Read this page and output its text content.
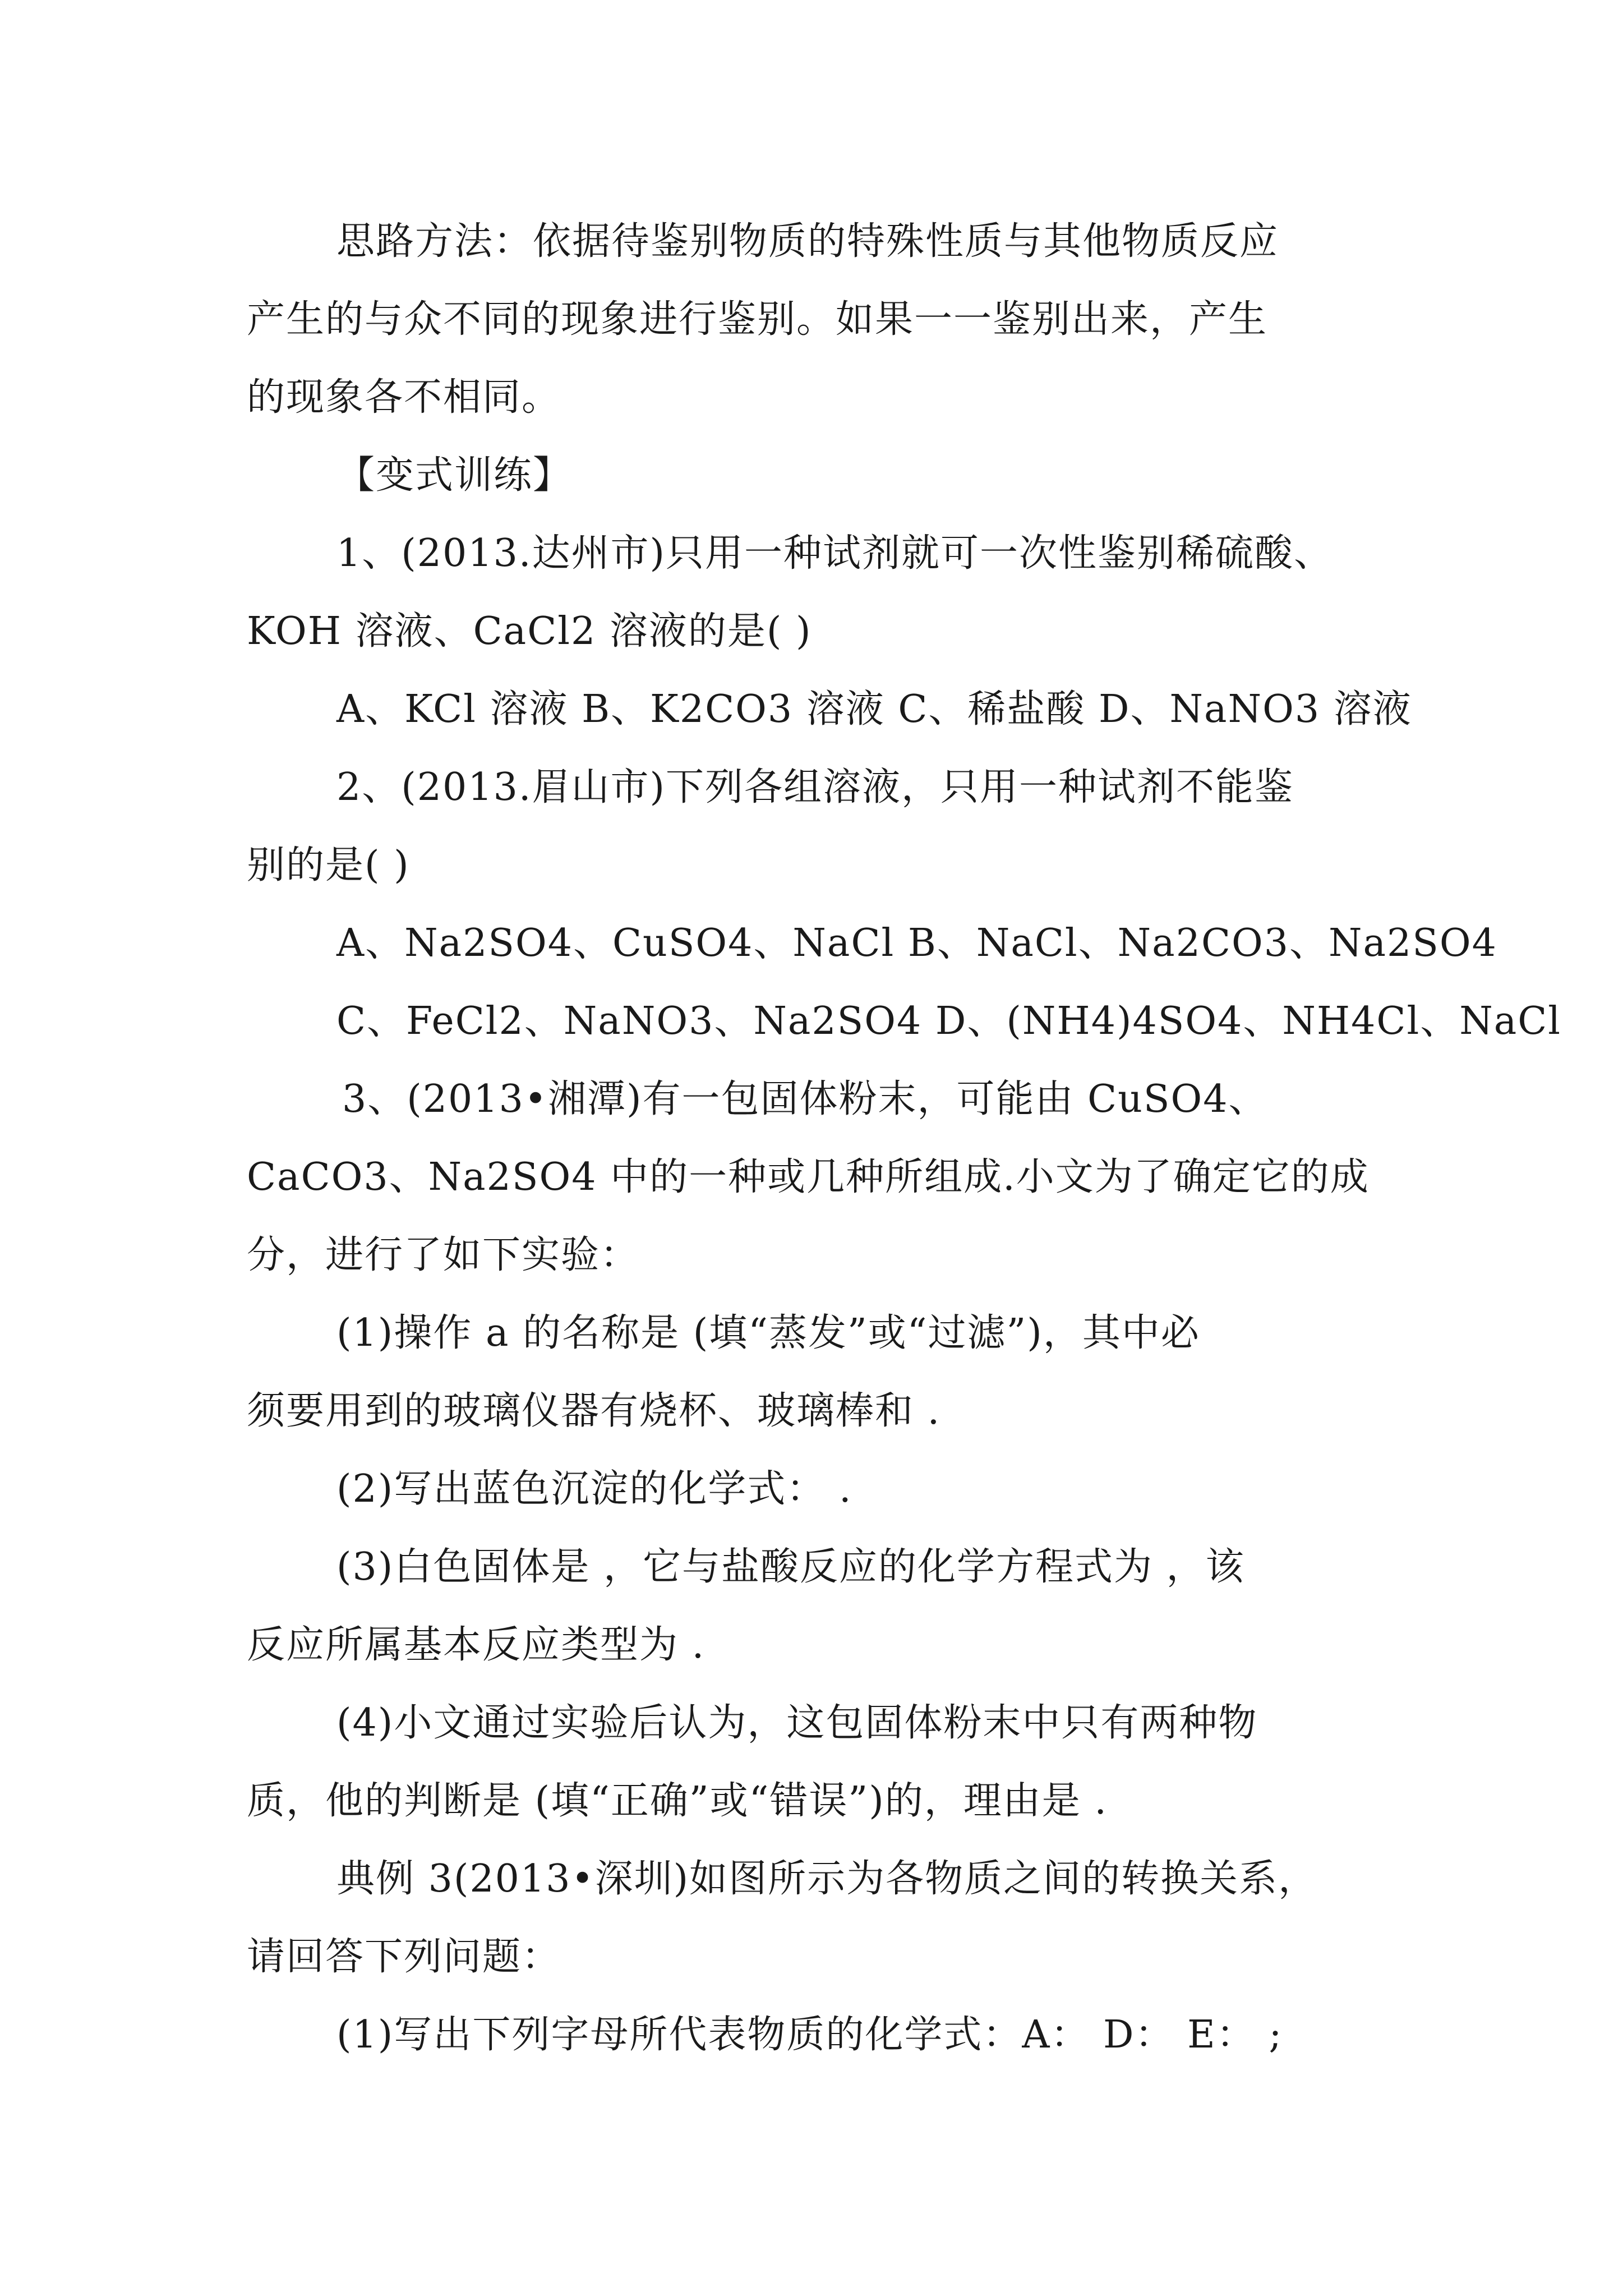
思路方法：依据待鉴别物质的特殊性质与其他物质反应
产生的与众不同的现象进行鉴别。如果一一鉴别出来，产生
的现象各不相同。
【变式训练】
1、(2013.达州市)只用一种试剂就可一次性鉴别稀硫酸、
KOH 溶液、CaCl2 溶液的是( )
A、KCl 溶液 B、K2CO3 溶液 C、稀盐酸 D、NaNO3 溶液
2、(2013.眉山市)下列各组溶液，只用一种试剂不能鉴
别的是( )
A、Na2SO4、CuSO4、NaCl B、NaCl、Na2CO3、Na2SO4
C、FeCl2、NaNO3、Na2SO4 D、(NH4)4SO4、NH4Cl、NaCl
3、(2013•湘潭)有一包固体粉末，可能由 CuSO4、
CaCO3、Na2SO4 中的一种或几种所组成.小文为了确定它的成
分，进行了如下实验：
(1)操作 a 的名称是 (填“蒸发”或“过滤”)，其中必
须要用到的玻璃仪器有烧杯、玻璃棒和 .
(2)写出蓝色沉淀的化学式： .
(3)白色固体是 ，它与盐酸反应的化学方程式为 ，该
反应所属基本反应类型为 .
(4)小文通过实验后认为，这包固体粉末中只有两种物
质，他的判断是 (填“正确”或“错误”)的，理由是 .
典例 3(2013•深圳)如图所示为各物质之间的转换关系，
请回答下列问题：
(1)写出下列字母所代表物质的化学式：A： D： E： ;
